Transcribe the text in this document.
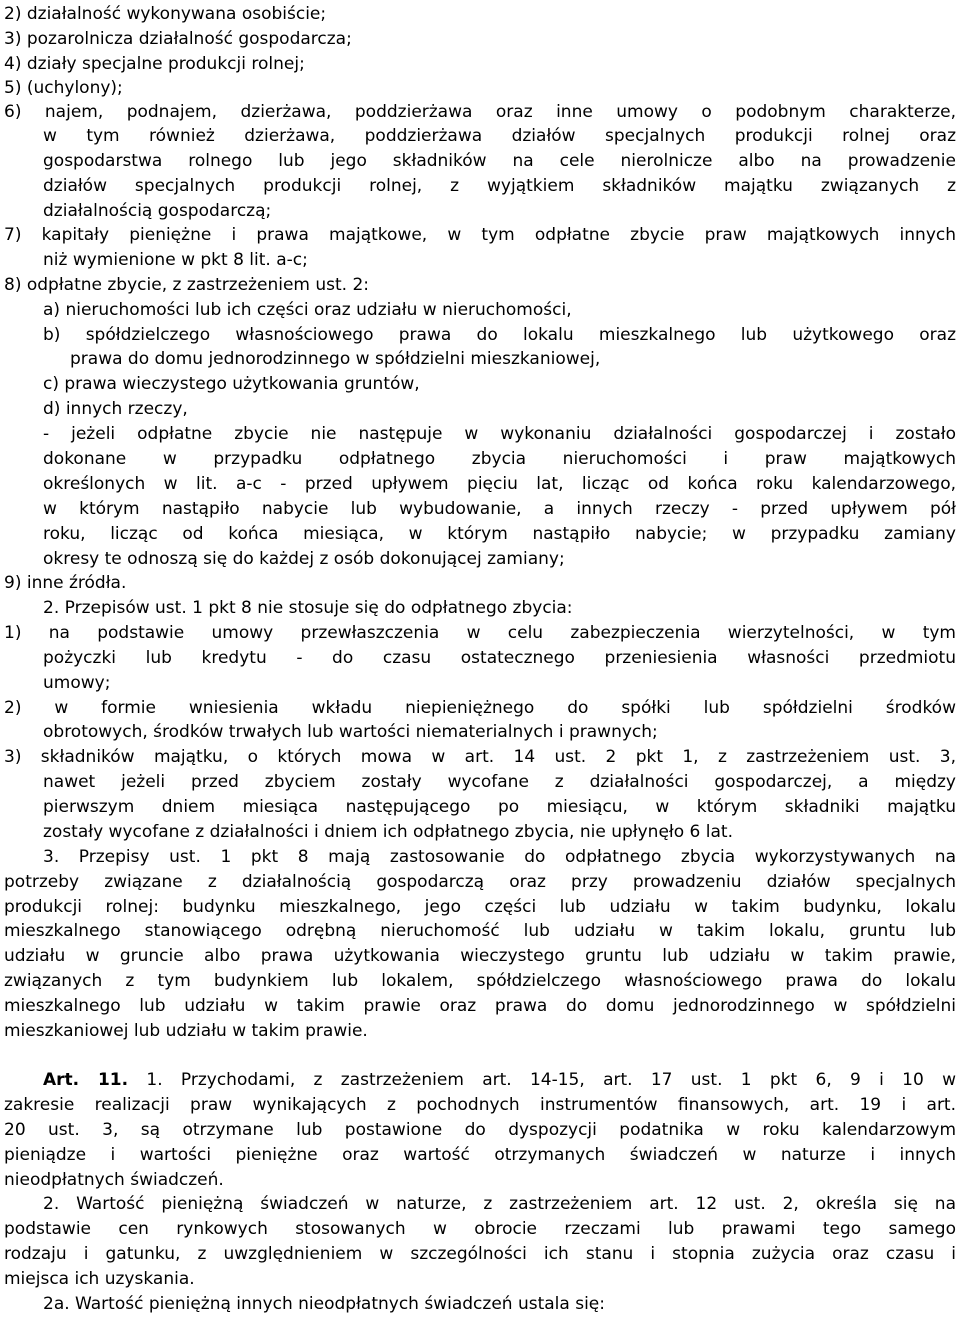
2) działalność wykonywana osobiście;
3) pozarolnicza działalność gospodarcza;
4) działy specjalne produkcji rolnej;
5) (uchylony);
6) najem, podnajem, dzierżawa, poddzierżawa oraz inne umowy o podobnym charakterze,
w tym również dzierżawa, poddzierżawa działów specjalnych produkcji rolnej oraz
gospodarstwa rolnego lub jego składników na cele nierolnicze albo na prowadzenie
działów specjalnych produkcji rolnej, z wyjątkiem składników majątku związanych z
działalnością gospodarczą;
7) kapitały pieniężne i prawa majątkowe, w tym odpłatne zbycie praw majątkowych innych
niż wymienione w pkt 8 lit. a-c;
8) odpłatne zbycie, z zastrzeżeniem ust. 2:
a) nieruchomości lub ich części oraz udziału w nieruchomości,
b) spółdzielczego własnościowego prawa do lokalu mieszkalnego lub użytkowego oraz
prawa do domu jednorodzinnego w spółdzielni mieszkaniowej,
c) prawa wieczystego użytkowania gruntów,
d) innych rzeczy,
- jeżeli odpłatne zbycie nie następuje w wykonaniu działalności gospodarczej i zostało
dokonane w przypadku odpłatnego zbycia nieruchomości i praw majątkowych
określonych w lit. a-c - przed upływem pięciu lat, licząc od końca roku kalendarzowego,
w którym nastąpiło nabycie lub wybudowanie, a innych rzeczy - przed upływem pół
roku, licząc od końca miesiąca, w którym nastąpiło nabycie; w przypadku zamiany
okresy te odnoszą się do każdej z osób dokonującej zamiany;
9) inne źródła.
2. Przepisów ust. 1 pkt 8 nie stosuje się do odpłatnego zbycia:
1) na podstawie umowy przewłaszczenia w celu zabezpieczenia wierzytelności, w tym
pożyczki lub kredytu - do czasu ostatecznego przeniesienia własności przedmiotu
umowy;
2) w formie wniesienia wkładu niepieniężnego do spółki lub spółdzielni środków
obrotowych, środków trwałych lub wartości niematerialnych i prawnych;
3) składników majątku, o których mowa w art. 14 ust. 2 pkt 1, z zastrzeżeniem ust. 3,
nawet jeżeli przed zbyciem zostały wycofane z działalności gospodarczej, a między
pierwszym dniem miesiąca następującego po miesiącu, w którym składniki majątku
zostały wycofane z działalności i dniem ich odpłatnego zbycia, nie upłynęło 6 lat.
3. Przepisy ust. 1 pkt 8 mają zastosowanie do odpłatnego zbycia wykorzystywanych na
potrzeby związane z działalnością gospodarczą oraz przy prowadzeniu działów specjalnych
produkcji rolnej: budynku mieszkalnego, jego części lub udziału w takim budynku, lokalu
mieszkalnego stanowiącego odrębną nieruchomość lub udziału w takim lokalu, gruntu lub
udziału w gruncie albo prawa użytkowania wieczystego gruntu lub udziału w takim prawie,
związanych z tym budynkiem lub lokalem, spółdzielczego własnościowego prawa do lokalu
mieszkalnego lub udziału w takim prawie oraz prawa do domu jednorodzinnego w spółdzielni
mieszkaniowej lub udziału w takim prawie.
Art. 11. 1. Przychodami, z zastrzeżeniem art. 14-15, art. 17 ust. 1 pkt 6, 9 i 10 w
zakresie realizacji praw wynikających z pochodnych instrumentów finansowych, art. 19 i art.
20 ust. 3, są otrzymane lub postawione do dyspozycji podatnika w roku kalendarzowym
pieniądze i wartości pieniężne oraz wartość otrzymanych świadczeń w naturze i innych
nieodpłatnych świadczeń.
2. Wartość pieniężną świadczeń w naturze, z zastrzeżeniem art. 12 ust. 2, określa się na
podstawie cen rynkowych stosowanych w obrocie rzeczami lub prawami tego samego
rodzaju i gatunku, z uwzględnieniem w szczególności ich stanu i stopnia zużycia oraz czasu i
miejsca ich uzyskania.
2a. Wartość pieniężną innych nieodpłatnych świadczeń ustala się:
